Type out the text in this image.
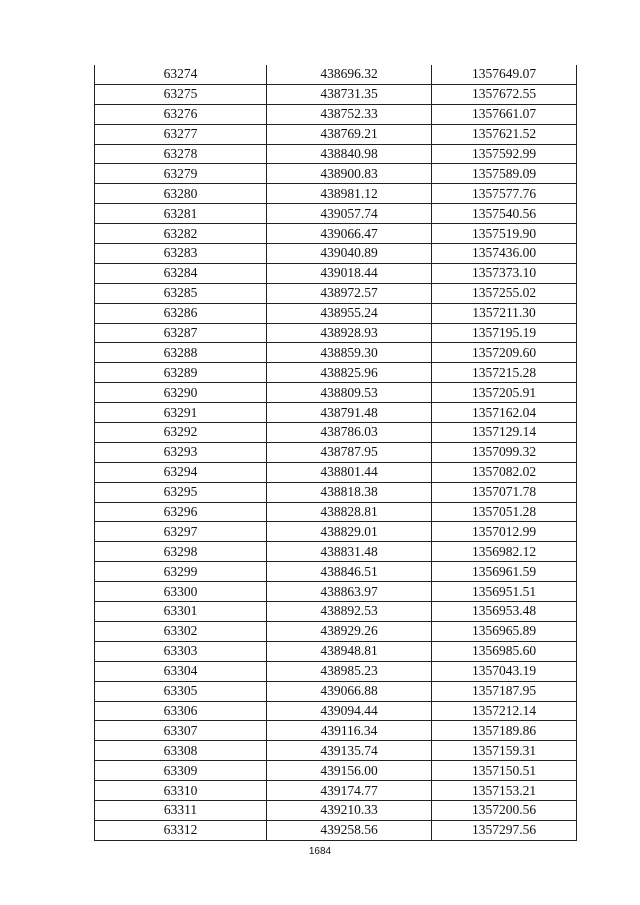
63274	438696.32	1357649.07
63275	438731.35	1357672.55
63276	438752.33	1357661.07
63277	438769.21	1357621.52
63278	438840.98	1357592.99
63279	438900.83	1357589.09
63280	438981.12	1357577.76
63281	439057.74	1357540.56
63282	439066.47	1357519.90
63283	439040.89	1357436.00
63284	439018.44	1357373.10
63285	438972.57	1357255.02
63286	438955.24	1357211.30
63287	438928.93	1357195.19
63288	438859.30	1357209.60
63289	438825.96	1357215.28
63290	438809.53	1357205.91
63291	438791.48	1357162.04
63292	438786.03	1357129.14
63293	438787.95	1357099.32
63294	438801.44	1357082.02
63295	438818.38	1357071.78
63296	438828.81	1357051.28
63297	438829.01	1357012.99
63298	438831.48	1356982.12
63299	438846.51	1356961.59
63300	438863.97	1356951.51
63301	438892.53	1356953.48
63302	438929.26	1356965.89
63303	438948.81	1356985.60
63304	438985.23	1357043.19
63305	439066.88	1357187.95
63306	439094.44	1357212.14
63307	439116.34	1357189.86
63308	439135.74	1357159.31
63309	439156.00	1357150.51
63310	439174.77	1357153.21
63311	439210.33	1357200.56
63312	439258.56	1357297.56
1684
